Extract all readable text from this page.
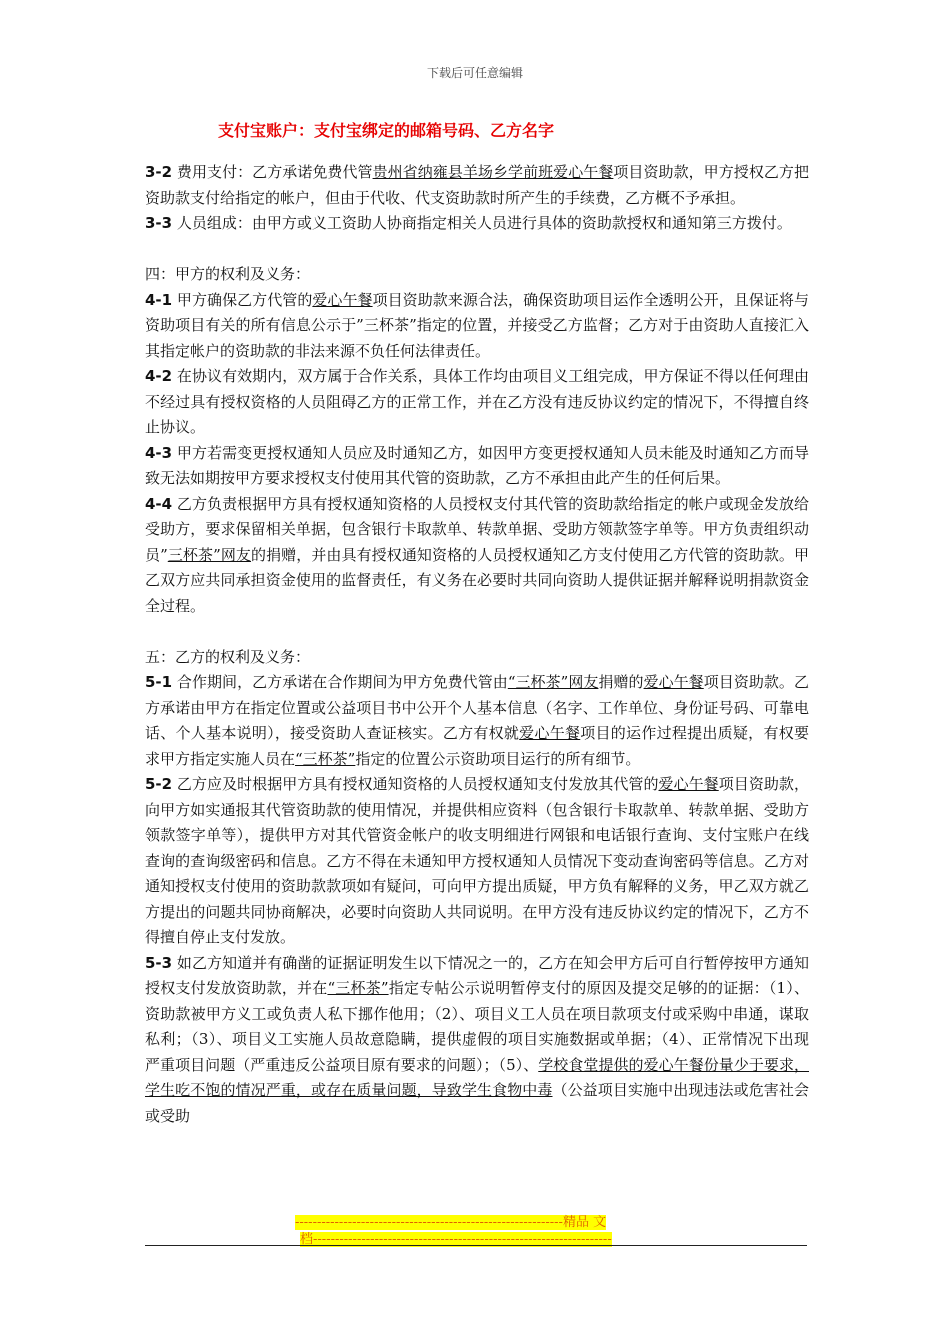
下载后可任意编辑
支付宝账户：支付宝绑定的邮箱号码、乙方名字

3-2 费用支付：乙方承诺免费代管贵州省纳雍县羊场乡学前班爱心午餐项目资助款，甲方授权乙方把资助款支付给指定的帐户，但由于代收、代支资助款时所产生的手续费，乙方概不予承担。

3-3 人员组成：由甲方或义工资助人协商指定相关人员进行具体的资助款授权和通知第三方拨付。

四：甲方的权利及义务：

4-1 甲方确保乙方代管的爱心午餐项目资助款来源合法，确保资助项目运作全透明公开，且保证将与资助项目有关的所有信息公示于”三杯茶”指定的位置，并接受乙方监督；乙方对于由资助人直接汇入其指定帐户的资助款的非法来源不负任何法律责任。

4-2 在协议有效期内，双方属于合作关系，具体工作均由项目义工组完成，甲方保证不得以任何理由不经过具有授权资格的人员阻碍乙方的正常工作，并在乙方没有违反协议约定的情况下，不得擅自终止协议。

4-3 甲方若需变更授权通知人员应及时通知乙方，如因甲方变更授权通知人员未能及时通知乙方而导致无法如期按甲方要求授权支付使用其代管的资助款，乙方不承担由此产生的任何后果。

4-4 乙方负责根据甲方具有授权通知资格的人员授权支付其代管的资助款给指定的帐户或现金发放给受助方，要求保留相关单据，包含银行卡取款单、转款单据、受助方领款签字单等。甲方负责组织动员”三杯茶”网友的捐赠，并由具有授权通知资格的人员授权通知乙方支付使用乙方代管的资助款。甲乙双方应共同承担资金使用的监督责任，有义务在必要时共同向资助人提供证据并解释说明捐款资金全过程。

五：乙方的权利及义务：

5-1 合作期间，乙方承诺在合作期间为甲方免费代管由“三杯茶”网友捐赠的爱心午餐项目资助款。乙方承诺由甲方在指定位置或公益项目书中公开个人基本信息（名字、工作单位、身份证号码、可靠电话、个人基本说明），接受资助人查证核实。乙方有权就爱心午餐项目的运作过程提出质疑，有权要求甲方指定实施人员在“三杯茶”指定的位置公示资助项目运行的所有细节。

5-2 乙方应及时根据甲方具有授权通知资格的人员授权通知支付发放其代管的爱心午餐项目资助款，向甲方如实通报其代管资助款的使用情况，并提供相应资料（包含银行卡取款单、转款单据、受助方领款签字单等），提供甲方对其代管资金帐户的收支明细进行网银和电话银行查询、支付宝账户在线查询的查询级密码和信息。乙方不得在未通知甲方授权通知人员情况下变动查询密码等信息。乙方对通知授权支付使用的资助款款项如有疑问，可向甲方提出质疑，甲方负有解释的义务，甲乙双方就乙方提出的问题共同协商解决，必要时向资助人共同说明。在甲方没有违反协议约定的情况下，乙方不得擅自停止支付发放。

5-3 如乙方知道并有确凿的证据证明发生以下情况之一的，乙方在知会甲方后可自行暂停按甲方通知授权支付发放资助款，并在“三杯茶”指定专帖公示说明暂停支付的原因及提交足够的的证据：（1）、资助款被甲方义工或负责人私下挪作他用；（2）、项目义工人员在项目款项支付或采购中串通，谋取私利；（3）、项目义工实施人员故意隐瞒，提供虚假的项目实施数据或单据；（4）、正常情况下出现严重项目问题（严重违反公益项目原有要求的问题）；（5）、学校食堂提供的爱心午餐份量少于要求，学生吃不饱的情况严重，或存在质量问题，导致学生食物中毒（公益项目实施中出现违法或危害社会或受助

-------------------------------------------------------------精品 文
档--------------------------------------------------------------------
